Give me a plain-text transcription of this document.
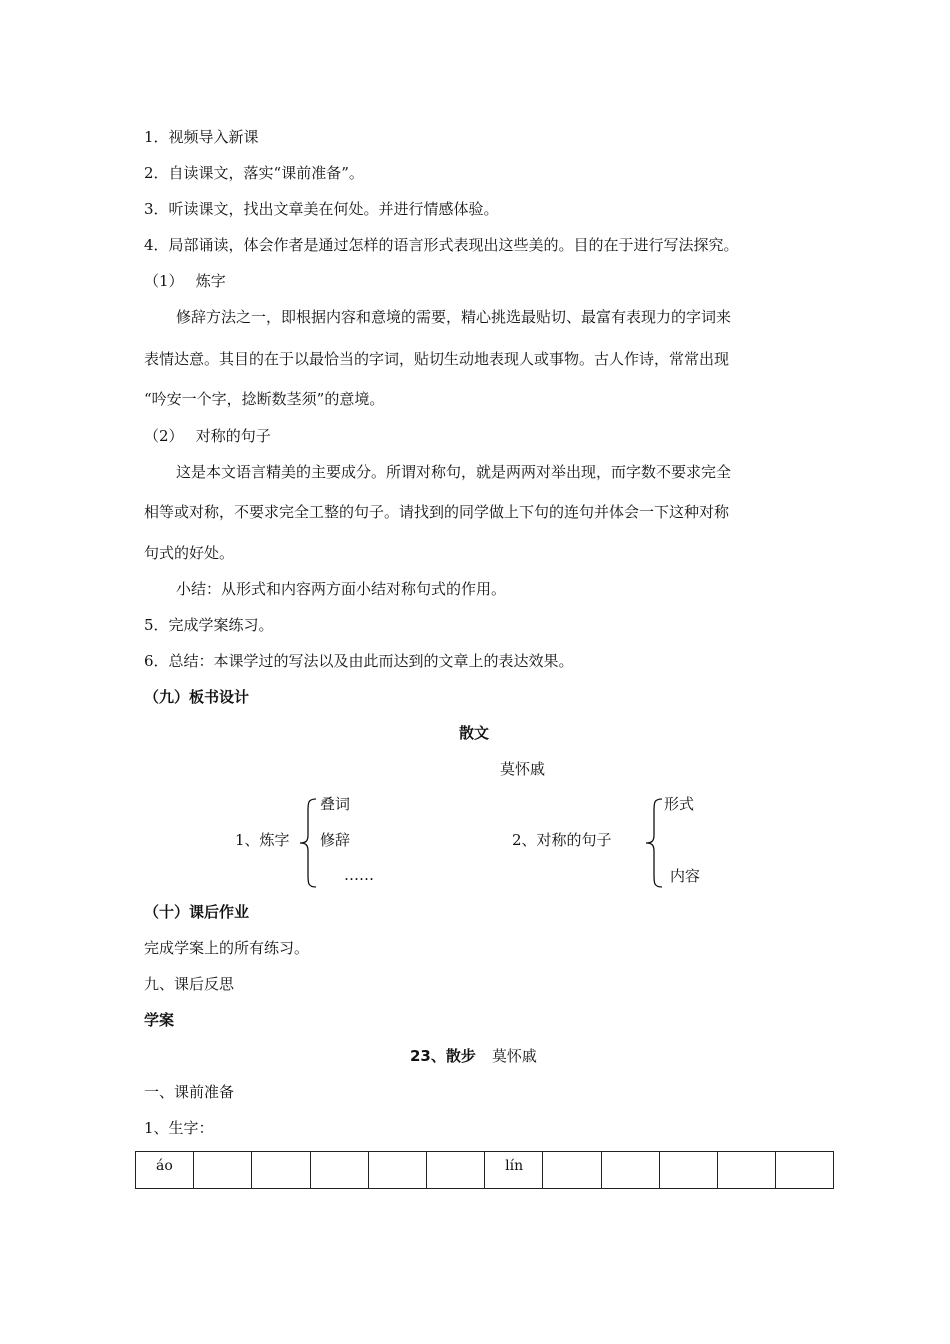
1．视频导入新课
2．自读课文，落实“课前准备”。
3．听读课文，找出文章美在何处。并进行情感体验。
4．局部诵读，体会作者是通过怎样的语言形式表现出这些美的。目的在于进行写法探究。
（1）　 炼字
修辞方法之一，即根据内容和意境的需要，精心挑选最贴切、最富有表现力的字词来
表情达意。其目的在于以最恰当的字词，贴切生动地表现人或事物。古人作诗，常常出现
“吟安一个字，捻断数茎须”的意境。
（2）　 对称的句子
这是本文语言精美的主要成分。所谓对称句，就是两两对举出现，而字数不要求完全
相等或对称，不要求完全工整的句子。请找到的同学做上下句的连句并体会一下这种对称
句式的好处。
小结：从形式和内容两方面小结对称句式的作用。
5．完成学案练习。
6．总结：本课学过的写法以及由此而达到的文章上的表达效果。
（九）板书设计
散文
莫怀戚
1、炼字
叠词
修辞
……
2、对称的句子
形式
内容
（十）课后作业
完成学案上的所有练习。
九、课后反思
学案
23、散步 莫怀戚
一、课前准备
1、生字：
áo						lín
